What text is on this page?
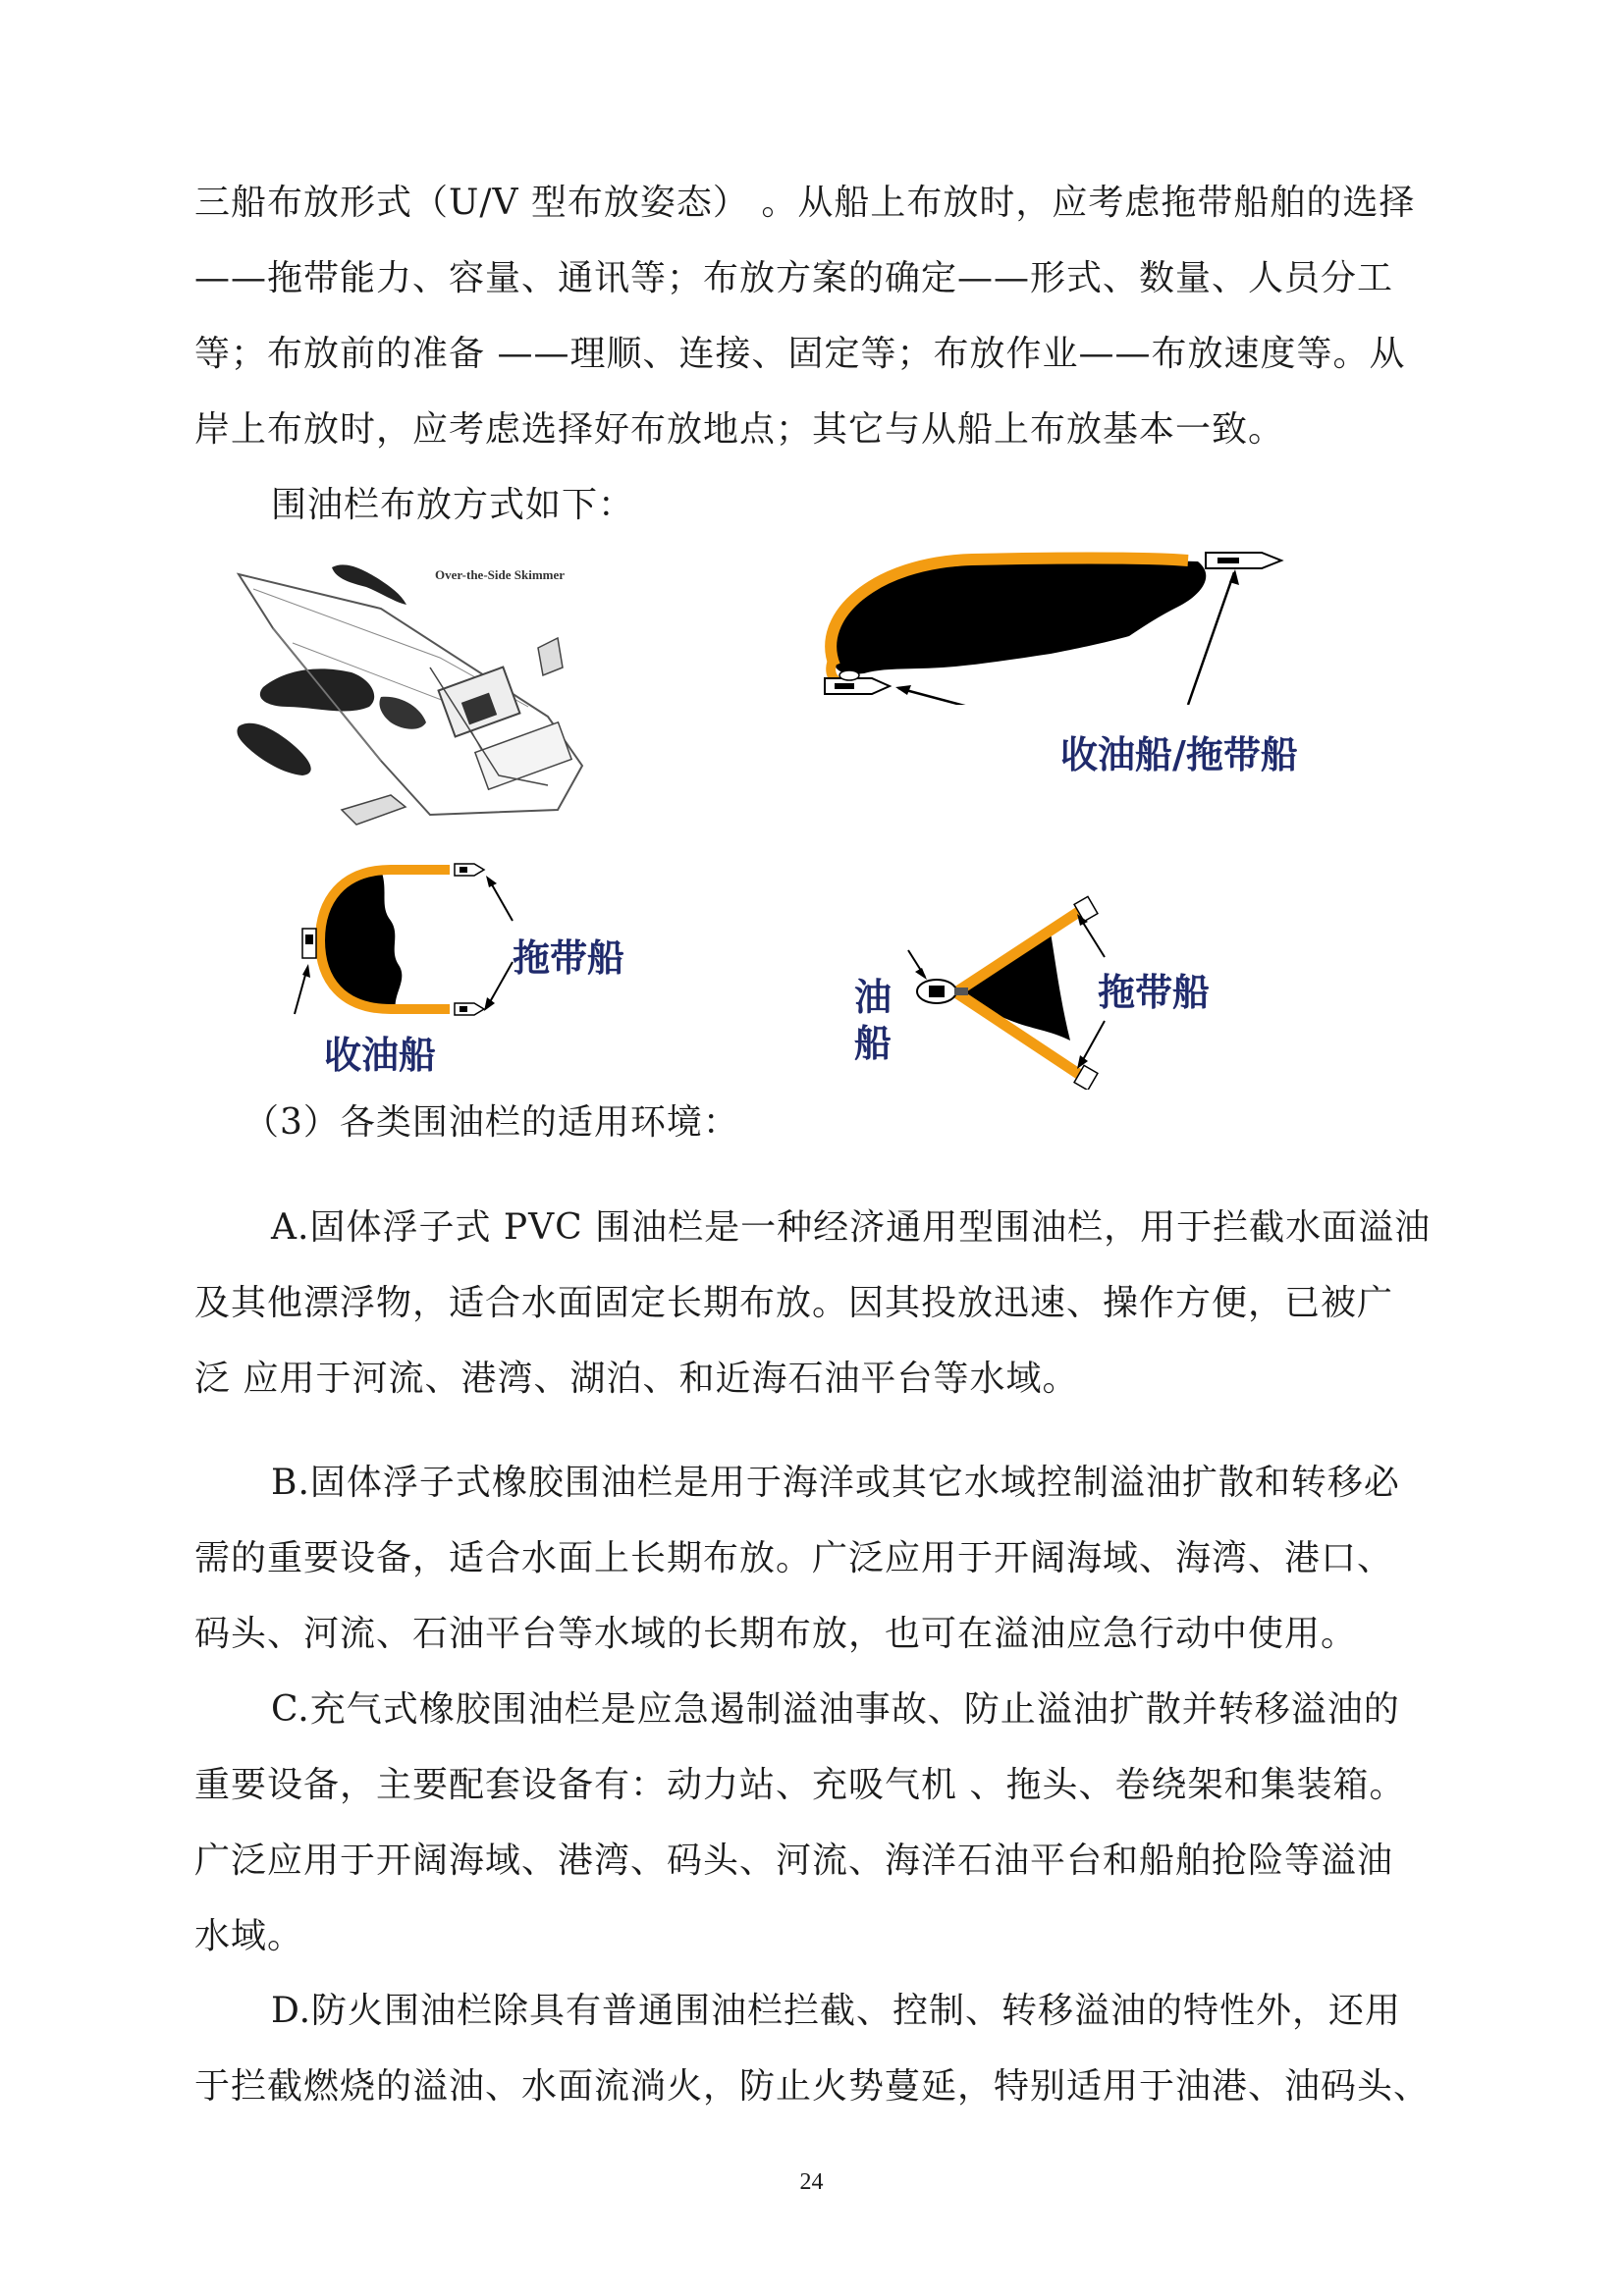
三船布放形式（U/V 型布放姿态） 。从船上布放时，应考虑拖带船舶的选择
——拖带能力、容量、通讯等；布放方案的确定——形式、数量、人员分工
等；布放前的准备 ——理顺、连接、固定等；布放作业——布放速度等。从
岸上布放时，应考虑选择好布放地点；其它与从船上布放基本一致。
围油栏布放方式如下：
Over-the-Side Skimmer
收油船/拖带船
拖带船
收油船
油
船
拖带船
（3）各类围油栏的适用环境：
A.固体浮子式 PVC 围油栏是一种经济通用型围油栏，用于拦截水面溢油
及其他漂浮物，适合水面固定长期布放。因其投放迅速、操作方便，已被广
泛 应用于河流、港湾、湖泊、和近海石油平台等水域。
B.固体浮子式橡胶围油栏是用于海洋或其它水域控制溢油扩散和转移必
需的重要设备，适合水面上长期布放。广泛应用于开阔海域、海湾、港口、
码头、河流、石油平台等水域的长期布放，也可在溢油应急行动中使用。
C.充气式橡胶围油栏是应急遏制溢油事故、防止溢油扩散并转移溢油的
重要设备，主要配套设备有：动力站、充吸气机 、拖头、卷绕架和集装箱。
广泛应用于开阔海域、港湾、码头、河流、海洋石油平台和船舶抢险等溢油
水域。
D.防火围油栏除具有普通围油栏拦截、控制、转移溢油的特性外，还用
于拦截燃烧的溢油、水面流淌火，防止火势蔓延，特别适用于油港、油码头、
24
